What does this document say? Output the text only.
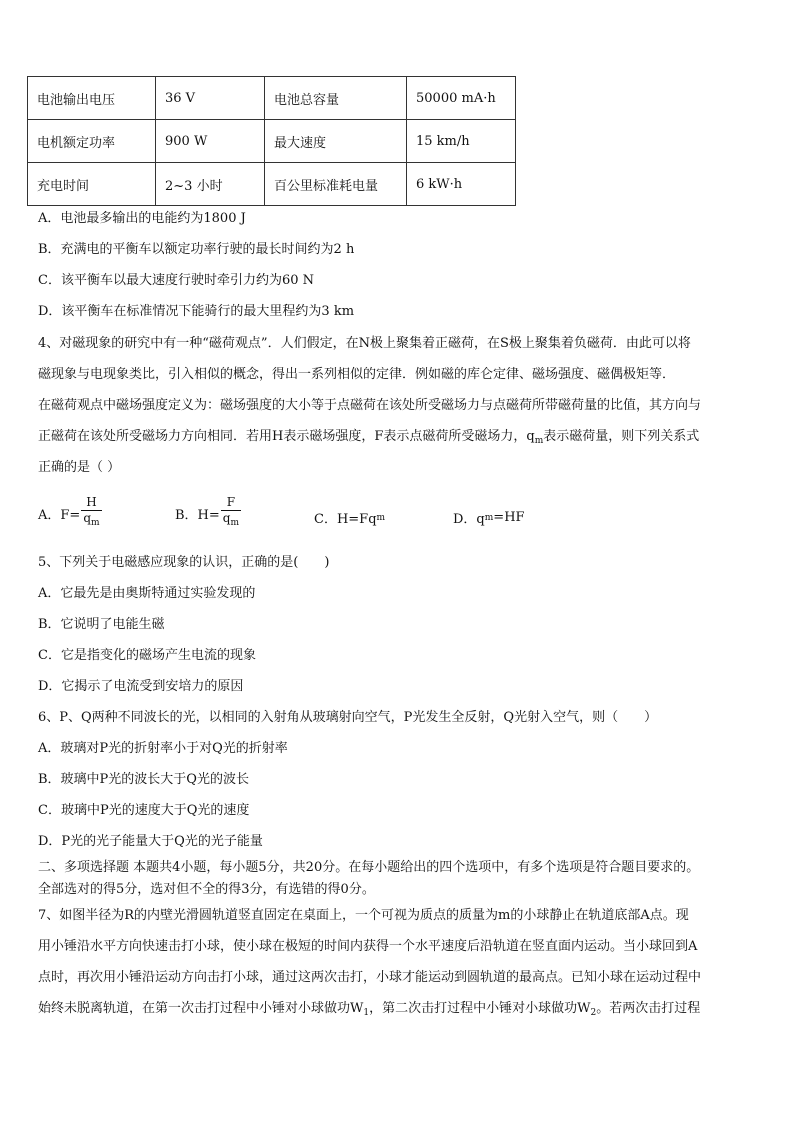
电池输出电压	36 V	电池总容量	50000 mA·h
电机额定功率	900 W	最大速度	15 km/h
充电时间	2~3 小时	百公里标准耗电量	6 kW·h
A．电池最多输出的电能约为1800 J
B．充满电的平衡车以额定功率行驶的最长时间约为2 h
C．该平衡车以最大速度行驶时牵引力约为60 N
D．该平衡车在标准情况下能骑行的最大里程约为3 km
4、对磁现象的研究中有一种“磁荷观点”．人们假定，在N极上聚集着正磁荷，在S极上聚集着负磁荷．由此可以将
磁现象与电现象类比，引入相似的概念，得出一系列相似的定律．例如磁的库仑定律、磁场强度、磁偶极矩等．
在磁荷观点中磁场强度定义为：磁场强度的大小等于点磁荷在该处所受磁场力与点磁荷所带磁荷量的比值，其方向与
正磁荷在该处所受磁场力方向相同．若用H表示磁场强度，F表示点磁荷所受磁场力，$q_m$表示磁荷量，则下列关系式
正确的是（ ）
A．$F= \frac{H}{q_m}$	B．$H= \frac{F}{q_m}$	C．H=Fq m	D．q m =HF
5、下列关于电磁感应现象的认识，正确的是(　　)
A．它最先是由奥斯特通过实验发现的
B．它说明了电能生磁
C．它是指变化的磁场产生电流的现象
D．它揭示了电流受到安培力的原因
6、P、Q两种不同波长的光，以相同的入射角从玻璃射向空气，P光发生全反射，Q光射入空气，则（　　）
A．玻璃对P光的折射率小于对Q光的折射率
B．玻璃中P光的波长大于Q光的波长
C．玻璃中P光的速度大于Q光的速度
D．P光的光子能量大于Q光的光子能量
二、多项选择题 本题共4小题，每小题5分，共20分。在每小题给出的四个选项中，有多个选项是符合题目要求的。
全部选对的得5分，选对但不全的得3分，有选错的得0分。
7、如图半径为R的内壁光滑圆轨道竖直固定在桌面上，一个可视为质点的质量为m的小球静止在轨道底部A点。现
用小锤沿水平方向快速击打小球，使小球在极短的时间内获得一个水平速度后沿轨道在竖直面内运动。当小球回到A
点时，再次用小锤沿运动方向击打小球，通过这两次击打，小球才能运动到圆轨道的最高点。已知小球在运动过程中
始终未脱离轨道，在第一次击打过程中小锤对小球做功$W_1$，第二次击打过程中小锤对小球做功$W_2$。若两次击打过程
